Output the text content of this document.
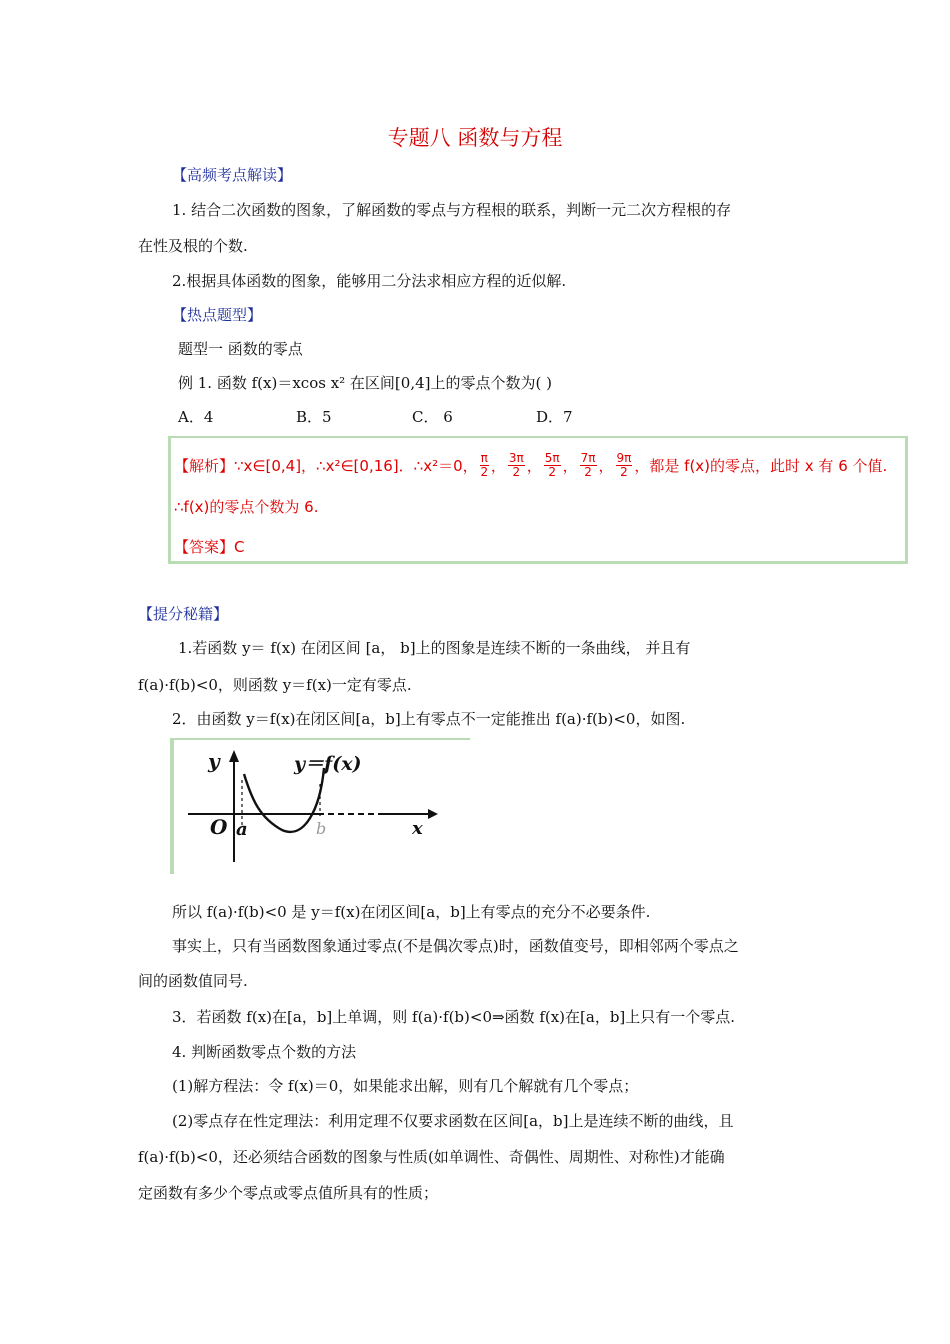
专题八 函数与方程
【高频考点解读】
1. 结合二次函数的图象，了解函数的零点与方程根的联系，判断一元二次方程根的存
在性及根的个数.
2.根据具体函数的图象，能够用二分法求相应方程的近似解.
【热点题型】
题型一 函数的零点
例 1. 函数 f(x)＝xcos x² 在区间[0,4]上的零点个数为( )
A．4	B．5	C． 6	D．7
【解析】 ∵x∈[0,4]，∴x²∈[0,16]．∴x²＝0， $\frac{\pi}{2}$ ， $\frac{3\pi}{2}$ ， $\frac{5\pi}{2}$ ， $\frac{7\pi}{2}$ ， $\frac{9\pi}{2}$ ，都是 f(x)的零点，此时 x 有 6 个值.
∴f(x)的零点个数为 6.
【答案】C
【提分秘籍】
1.若函数 y＝ f(x) 在闭区间 [a， b]上的图象是连续不断的一条曲线， 并且有
f(a)·f(b)<0，则函数 y＝f(x)一定有零点.
2．由函数 y＝f(x)在闭区间[a，b]上有零点不一定能推出 f(a)·f(b)<0，如图.
y
x
O a	b
y＝f(x)
所以 f(a)·f(b)<0 是 y＝f(x)在闭区间[a，b]上有零点的充分不必要条件.
事实上，只有当函数图象通过零点(不是偶次零点)时，函数值变号，即相邻两个零点之
间的函数值同号.
3．若函数 f(x)在[a，b]上单调，则 f(a)·f(b)<0⇒函数 f(x)在[a，b]上只有一个零点.
4. 判断函数零点个数的方法
(1)解方程法：令 f(x)＝0，如果能求出解，则有几个解就有几个零点；
(2)零点存在性定理法：利用定理不仅要求函数在区间[a，b]上是连续不断的曲线，且
f(a)·f(b)<0，还必须结合函数的图象与性质(如单调性、奇偶性、周期性、对称性)才能确
定函数有多少个零点或零点值所具有的性质；
